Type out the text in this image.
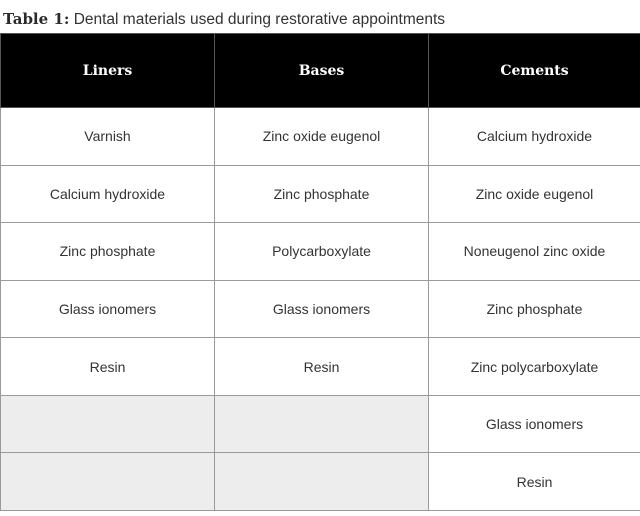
Table 1: Dental materials used during restorative appointments
Liners	Bases	Cements
Varnish	Zinc oxide eugenol	Calcium hydroxide
Calcium hydroxide	Zinc phosphate	Zinc oxide eugenol
Zinc phosphate	Polycarboxylate	Noneugenol zinc oxide
Glass ionomers	Glass ionomers	Zinc phosphate
Resin	Resin	Zinc polycarboxylate
		Glass ionomers
		Resin
